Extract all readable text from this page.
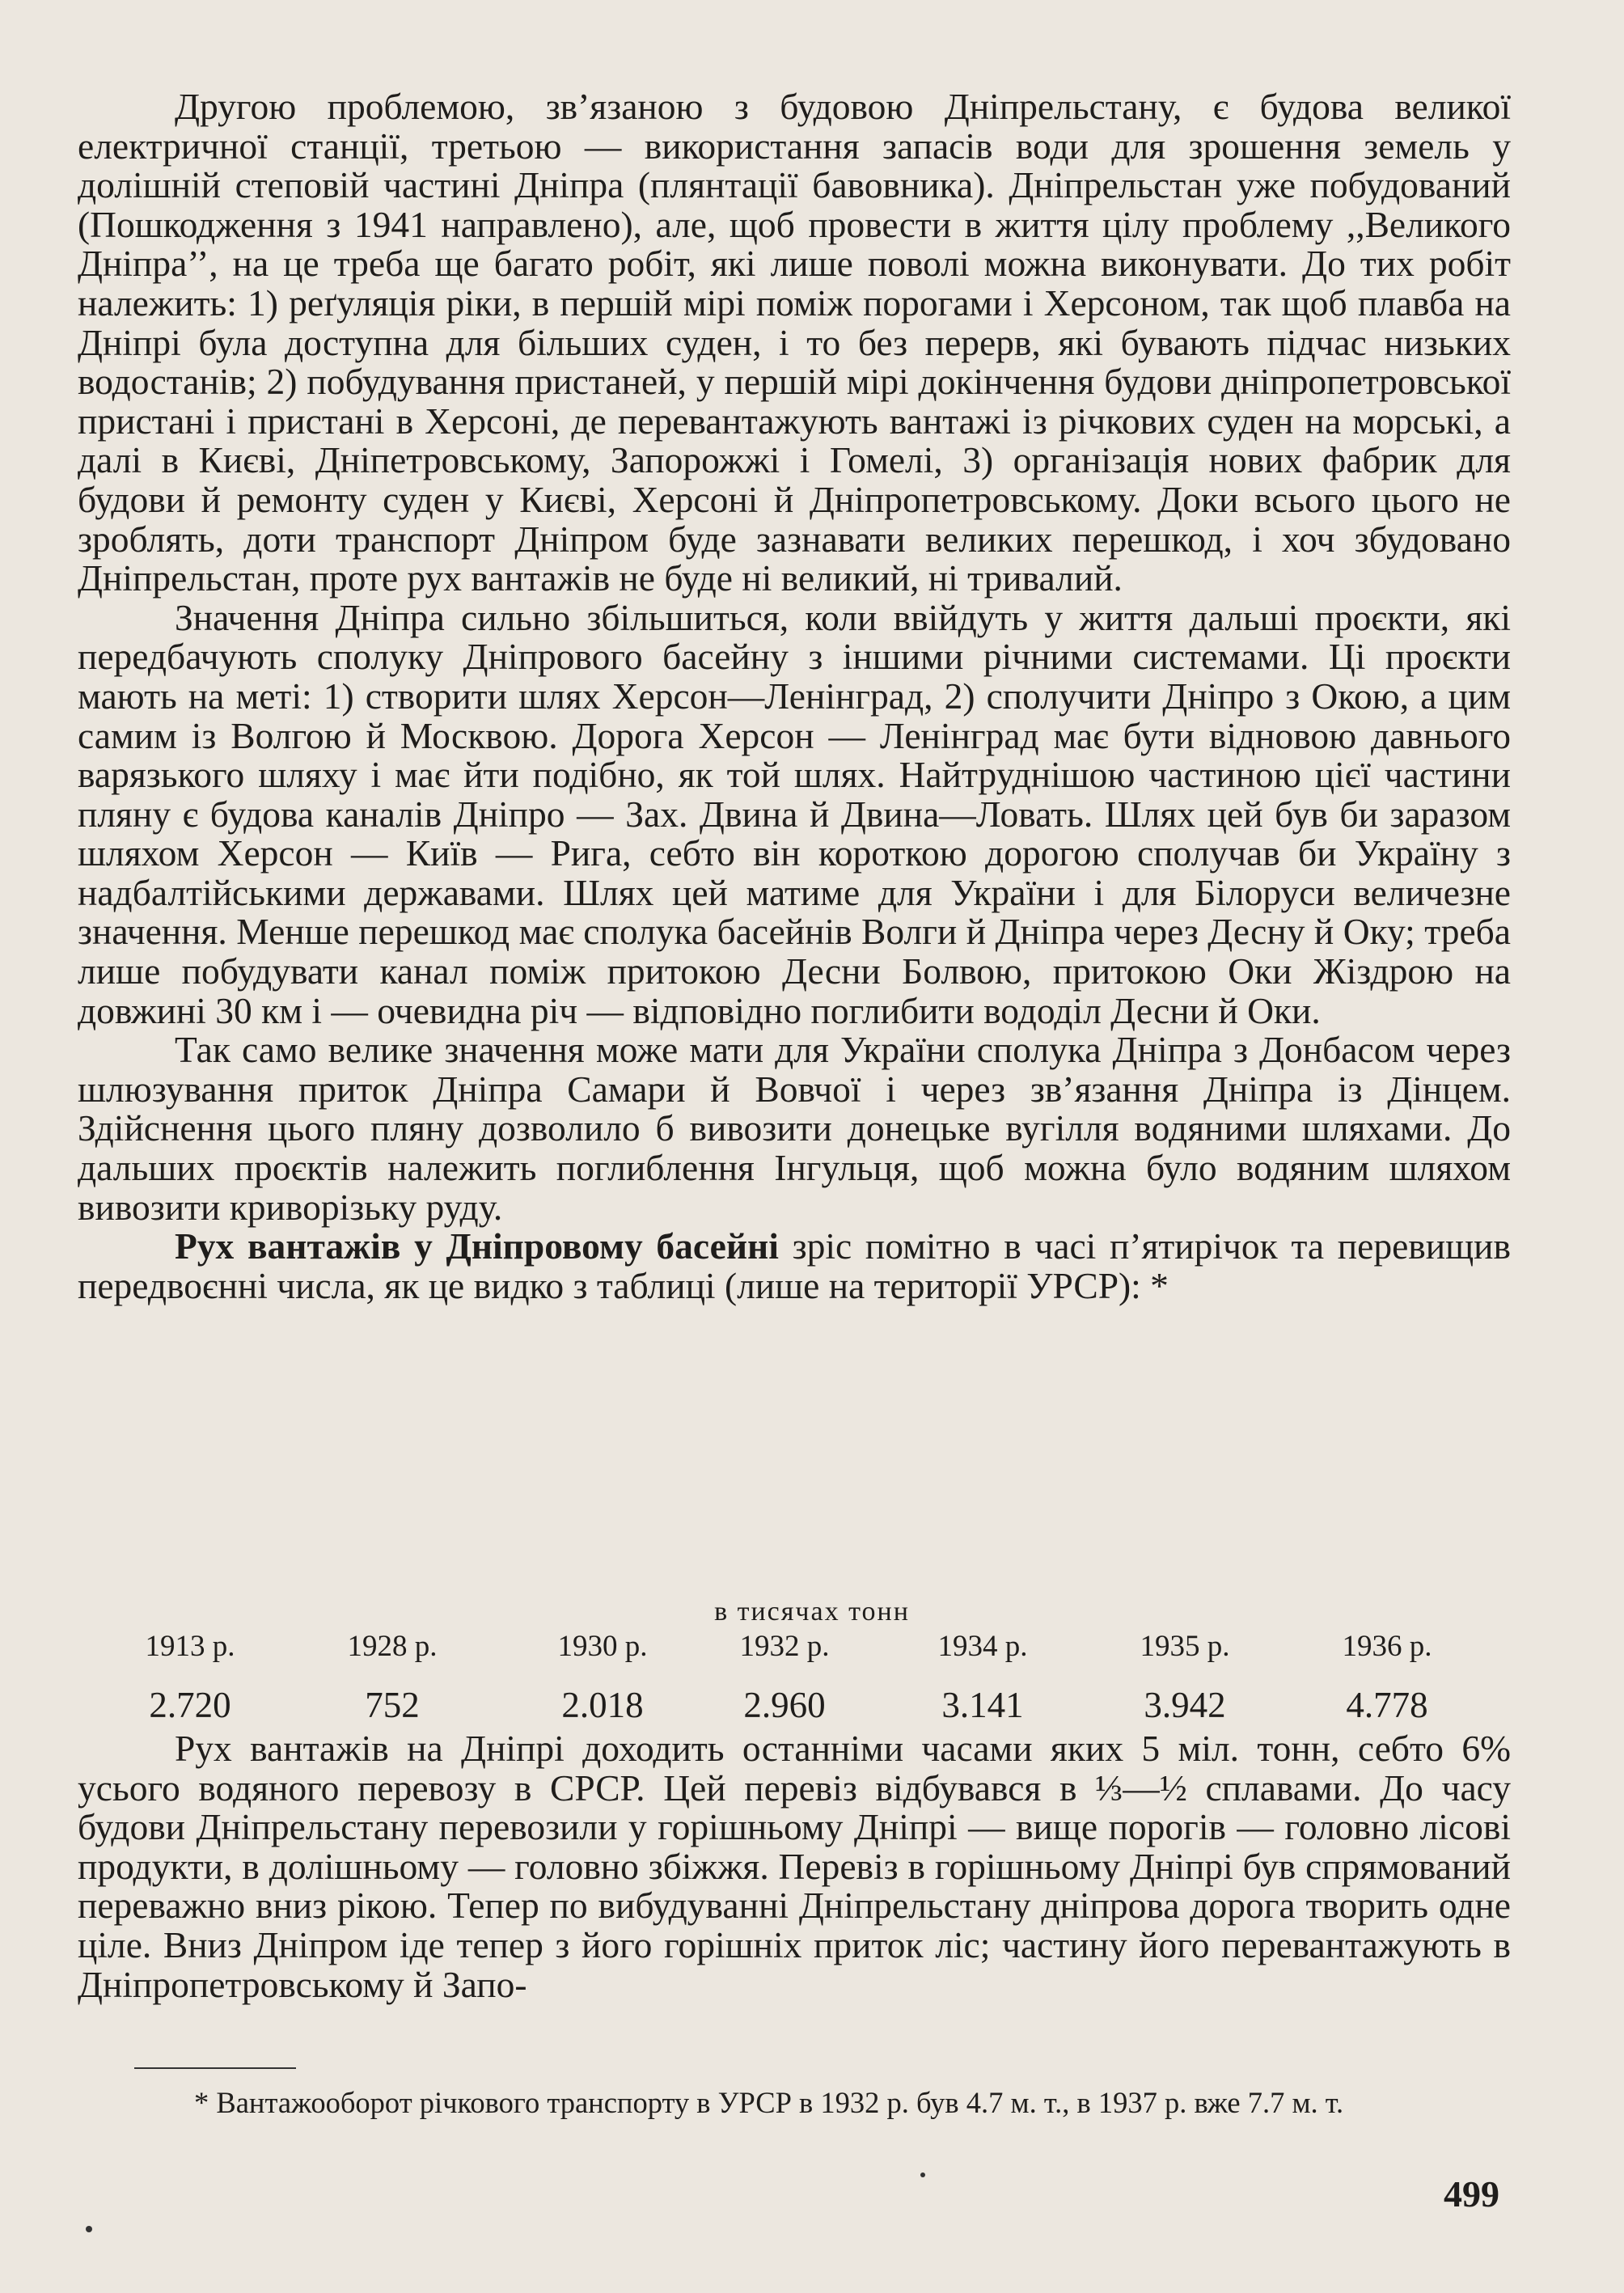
Другою проблемою, зв’язаною з будовою Дніпрельстану, є будова великої електричної станції, третьою — використання запасів води для зрошення земель у долішній степовій частині Дніпра (плянтації бавовника). Дніпрельстан уже побудований (Пошкодження з 1941 направлено), але, щоб провести в життя цілу проблему ,,Великого Дніпра’’, на це треба ще багато робіт, які лише поволі можна виконувати. До тих робіт належить: 1) реґуляція ріки, в першій мірі поміж порогами і Херсоном, так щоб плавба на Дніпрі була доступна для більших суден, і то без перерв, які бувають підчас низьких водостанів; 2) побудування пристаней, у першій мірі докінчення будови дніпропетровської пристані і пристані в Херсоні, де перевантажують вантажі із річкових суден на морські, а далі в Києві, Дніпетровському, Запорожжі і Гомелі, 3) організація нових фабрик для будови й ремонту суден у Києві, Херсоні й Дніпропетровському. Доки всього цього не зроблять, доти транспорт Дніпром буде зазнавати великих перешкод, і хоч збудовано Дніпрельстан, проте рух вантажів не буде ні великий, ні тривалий.

Значення Дніпра сильно збільшиться, коли ввійдуть у життя дальші проєкти, які передбачують сполуку Дніпрового басейну з іншими річними системами. Ці проєкти мають на меті: 1) створити шлях Херсон—Ленінград, 2) сполучити Дніпро з Окою, а цим самим із Волгою й Москвою. Дорога Херсон — Ленінград має бути відновою давнього варязького шляху і має йти подібно, як той шлях. Найтруднішою частиною цієї частини пляну є будова каналів Дніпро — Зах. Двина й Двина—Ловать. Шлях цей був би заразом шляхом Херсон — Київ — Рига, себто він короткою дорогою сполучав би Україну з надбалтійськими державами. Шлях цей матиме для України і для Білоруси величезне значення. Менше перешкод має сполука басейнів Волги й Дніпра через Десну й Оку; треба лише побудувати канал поміж притокою Десни Болвою, притокою Оки Жіздрою на довжині 30 км і — очевидна річ — відповідно поглибити вододіл Десни й Оки.

Так само велике значення може мати для України сполука Дніпра з Донбасом через шлюзування приток Дніпра Самари й Вовчої і через зв’язання Дніпра із Дінцем. Здійснення цього пляну дозволило б вивозити донецьке вугілля водяними шляхами. До дальших проєктів належить поглиблення Інгульця, щоб можна було водяним шляхом вивозити криворізьку руду.

Рух вантажів у Дніпровому басейні зріс помітно в часі п’ятирічок та перевищив передвоєнні числа, як це видко з таблиці (лише на території УРСР): *

в тисячах тонн
1913 р.
2.720
1928 р.
752
1930 р.
2.018
1932 р.
2.960
1934 р.
3.141
1935 р.
3.942
1936 р.
4.778

Рух вантажів на Дніпрі доходить останніми часами яких 5 міл. тонн, себто 6% усього водяного перевозу в СРСР. Цей перевіз відбувався в ⅓—½ сплавами. До часу будови Дніпрельстану перевозили у горішньому Дніпрі — вище порогів — головно лісові продукти, в долішньому — головно збіжжя. Перевіз в горішньому Дніпрі був спрямований переважно вниз рікою. Тепер по вибудуванні Дніпрельстану дніпрова дорога творить одне ціле. Вниз Дніпром іде тепер з його горішніх приток ліс; частину його перевантажують в Дніпропетровському й Запо-

* Вантажооборот річкового транспорту в УРСР в 1932 р. був 4.7 м. т., в 1937 р. вже 7.7 м. т.

499
